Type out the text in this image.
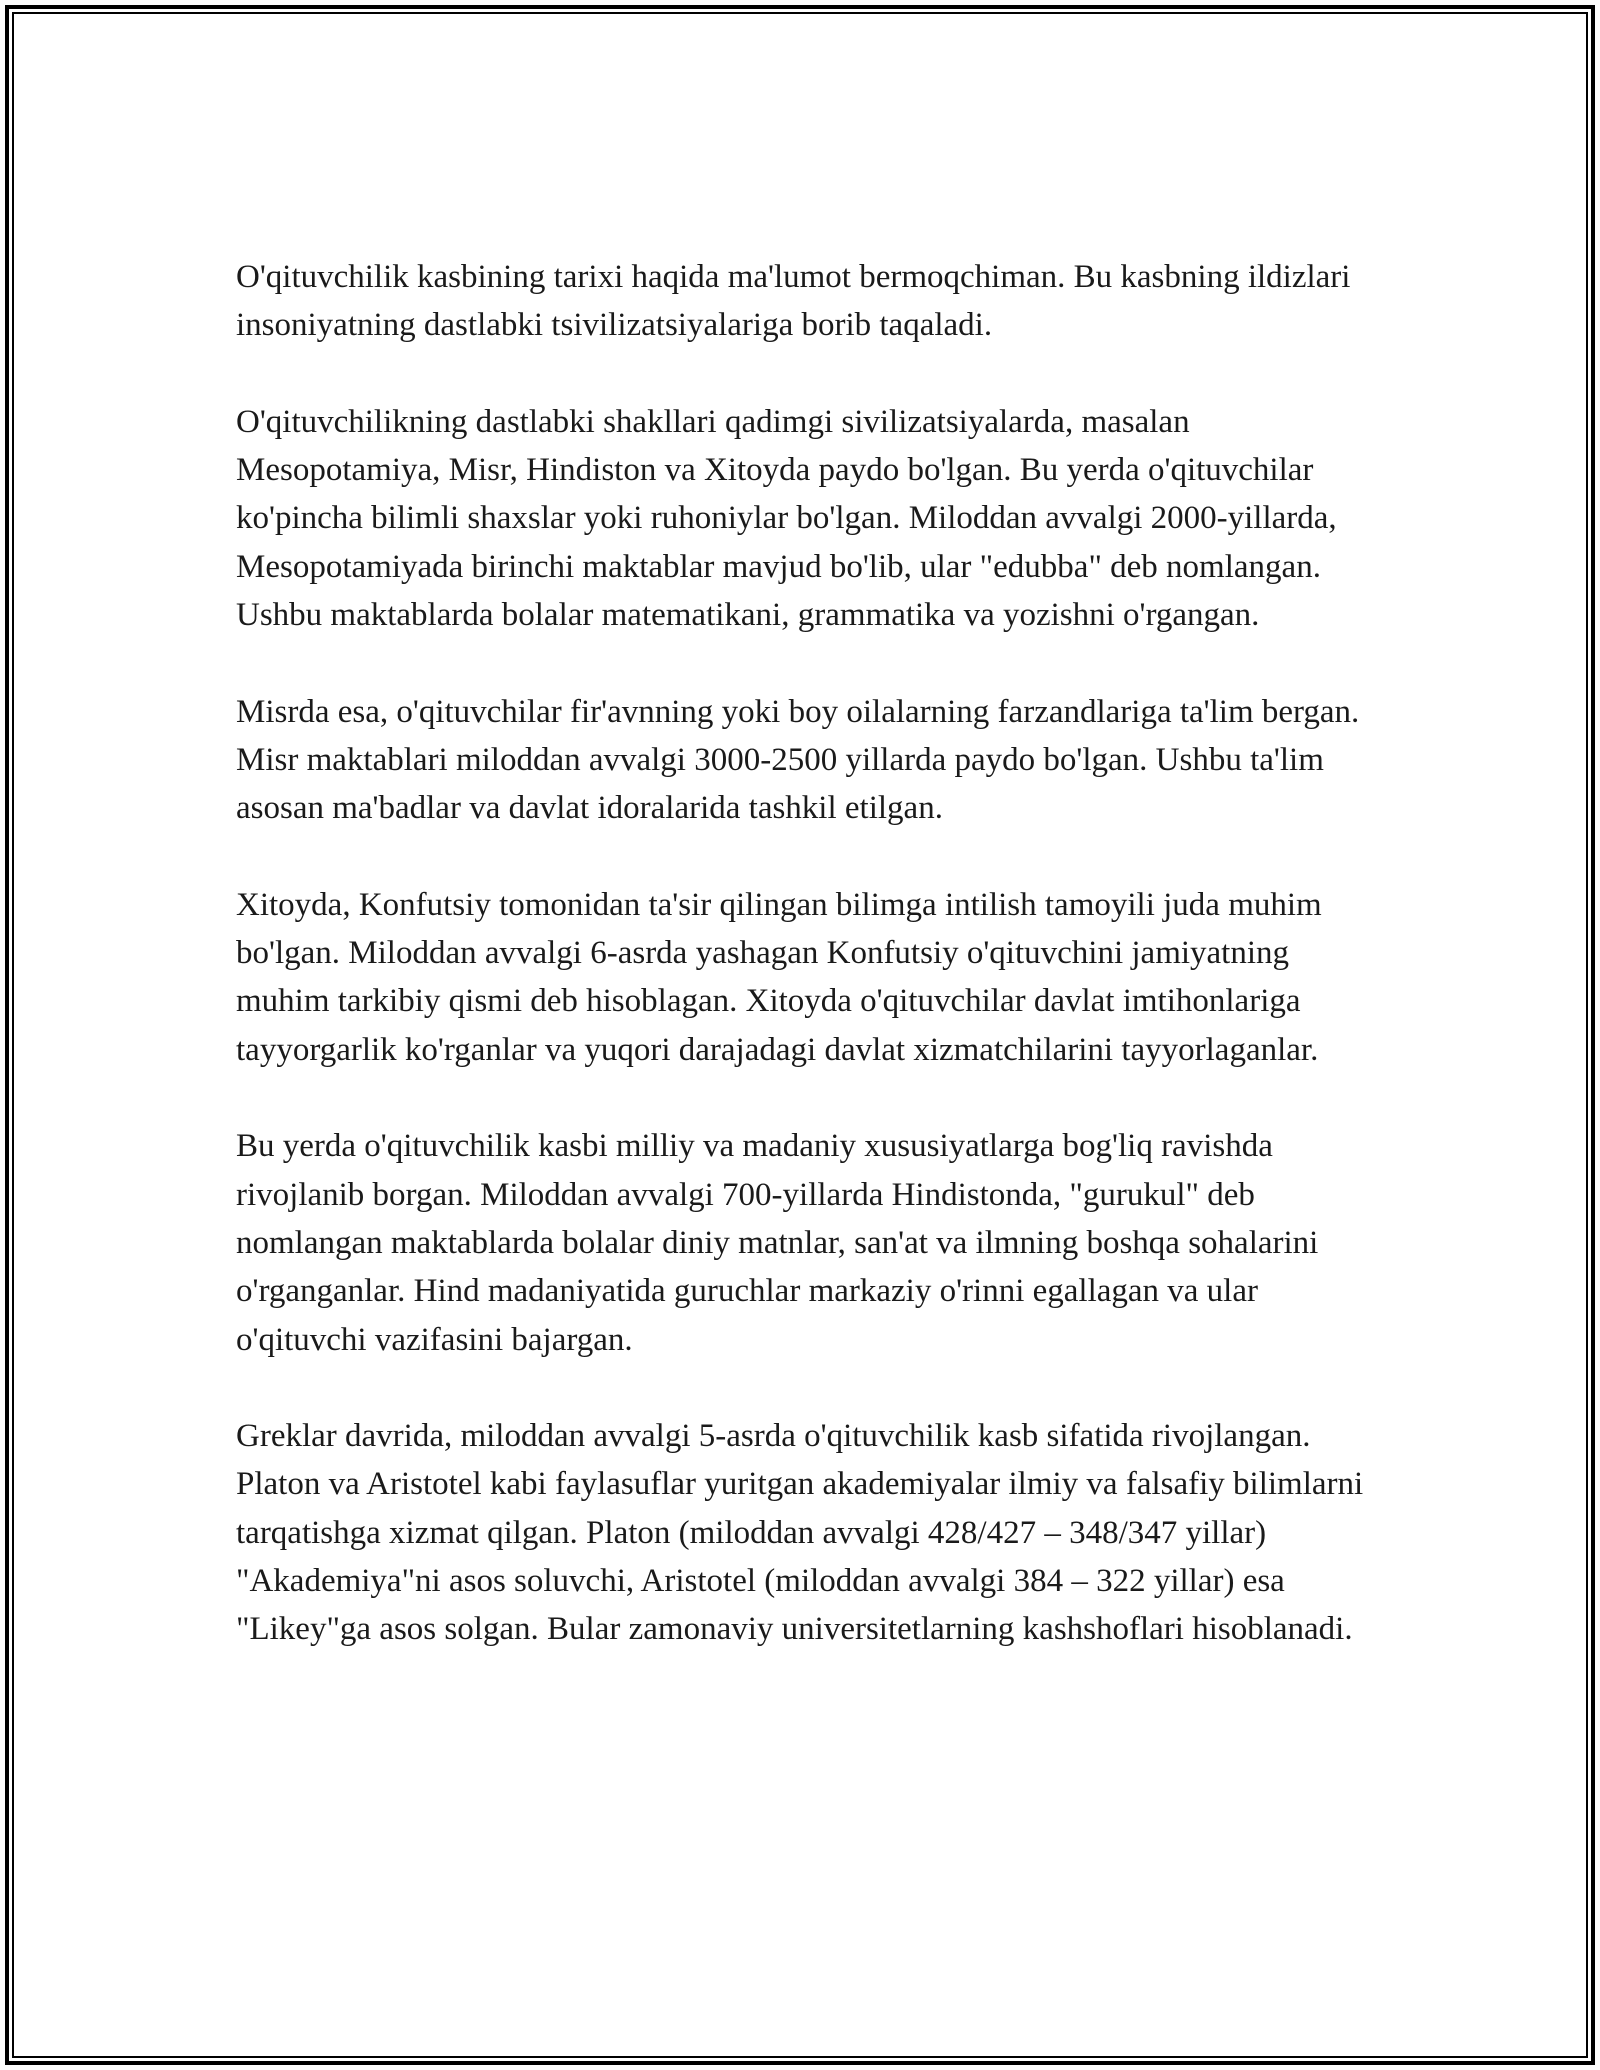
O'qituvchilik kasbining tarixi haqida ma'lumot bermoqchiman. Bu kasbning ildizlari insoniyatning dastlabki tsivilizatsiyalariga borib taqaladi.

O'qituvchilikning dastlabki shakllari qadimgi sivilizatsiyalarda, masalan Mesopotamiya, Misr, Hindiston va Xitoyda paydo bo'lgan. Bu yerda o'qituvchilar ko'pincha bilimli shaxslar yoki ruhoniylar bo'lgan. Miloddan avvalgi 2000-yillarda, Mesopotamiyada birinchi maktablar mavjud bo'lib, ular "edubba" deb nomlangan. Ushbu maktablarda bolalar matematikani, grammatika va yozishni o'rgangan.

Misrda esa, o'qituvchilar fir'avnning yoki boy oilalarning farzandlariga ta'lim bergan. Misr maktablari miloddan avvalgi 3000-2500 yillarda paydo bo'lgan. Ushbu ta'lim asosan ma'badlar va davlat idoralarida tashkil etilgan.

Xitoyda, Konfutsiy tomonidan ta'sir qilingan bilimga intilish tamoyili juda muhim bo'lgan. Miloddan avvalgi 6-asrda yashagan Konfutsiy o'qituvchini jamiyatning muhim tarkibiy qismi deb hisoblagan. Xitoyda o'qituvchilar davlat imtihonlariga tayyorgarlik ko'rganlar va yuqori darajadagi davlat xizmatchilarini tayyorlaganlar.

Bu yerda o'qituvchilik kasbi milliy va madaniy xususiyatlarga bog'liq ravishda rivojlanib borgan. Miloddan avvalgi 700-yillarda Hindistonda, "gurukul" deb nomlangan maktablarda bolalar diniy matnlar, san'at va ilmning boshqa sohalarini o'rganganlar. Hind madaniyatida guruchlar markaziy o'rinni egallagan va ular o'qituvchi vazifasini bajargan.

Greklar davrida, miloddan avvalgi 5-asrda o'qituvchilik kasb sifatida rivojlangan. Platon va Aristotel kabi faylasuflar yuritgan akademiyalar ilmiy va falsafiy bilimlarni tarqatishga xizmat qilgan. Platon (miloddan avvalgi 428/427 – 348/347 yillar) "Akademiya"ni asos soluvchi, Aristotel (miloddan avvalgi 384 – 322 yillar) esa "Likey"ga asos solgan. Bular zamonaviy universitetlarning kashshoflari hisoblanadi.
